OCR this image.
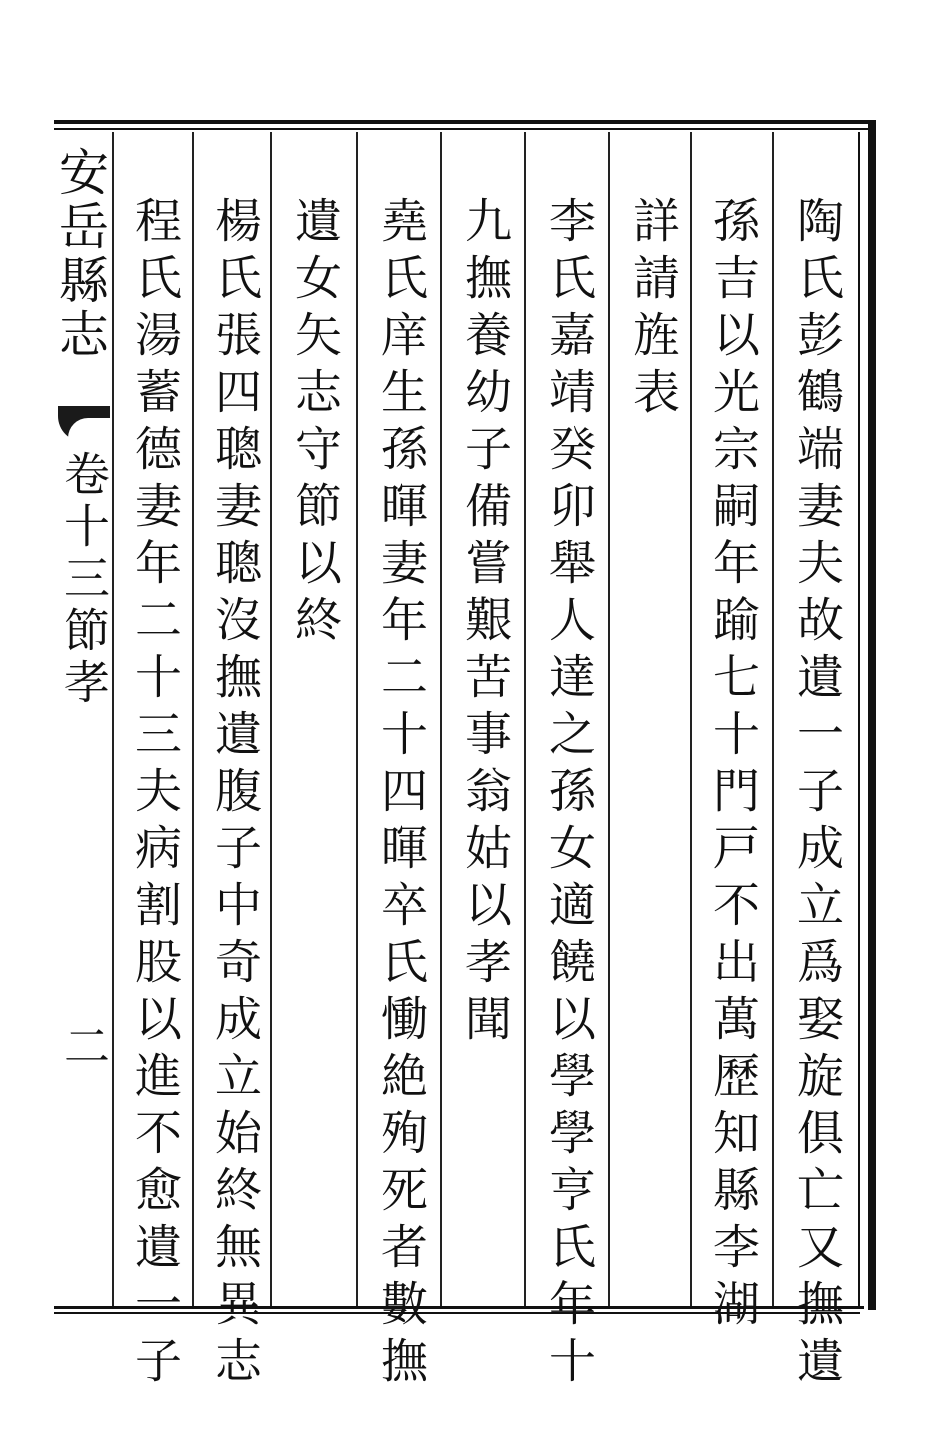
安岳縣志
卷十三節孝
二	陶氏彭鶴端妻夫故遺一子成立爲娶旋俱亡又撫遺
孫吉以光宗嗣年踰七十門戸不出萬歷知縣李湖
詳請旌表
李氏嘉靖癸卯舉人達之孫女適饒以學學亨氏年十
九撫養幼子備嘗艱苦事翁姑以孝聞
堯氏庠生孫暉妻年二十四暉卒氏慟絶殉死者數撫
遺女矢志守節以終
楊氏張四聰妻聰沒撫遺腹子中奇成立始終無異志
程氏湯蓄德妻年二十三夫病割股以進不愈遺一子
